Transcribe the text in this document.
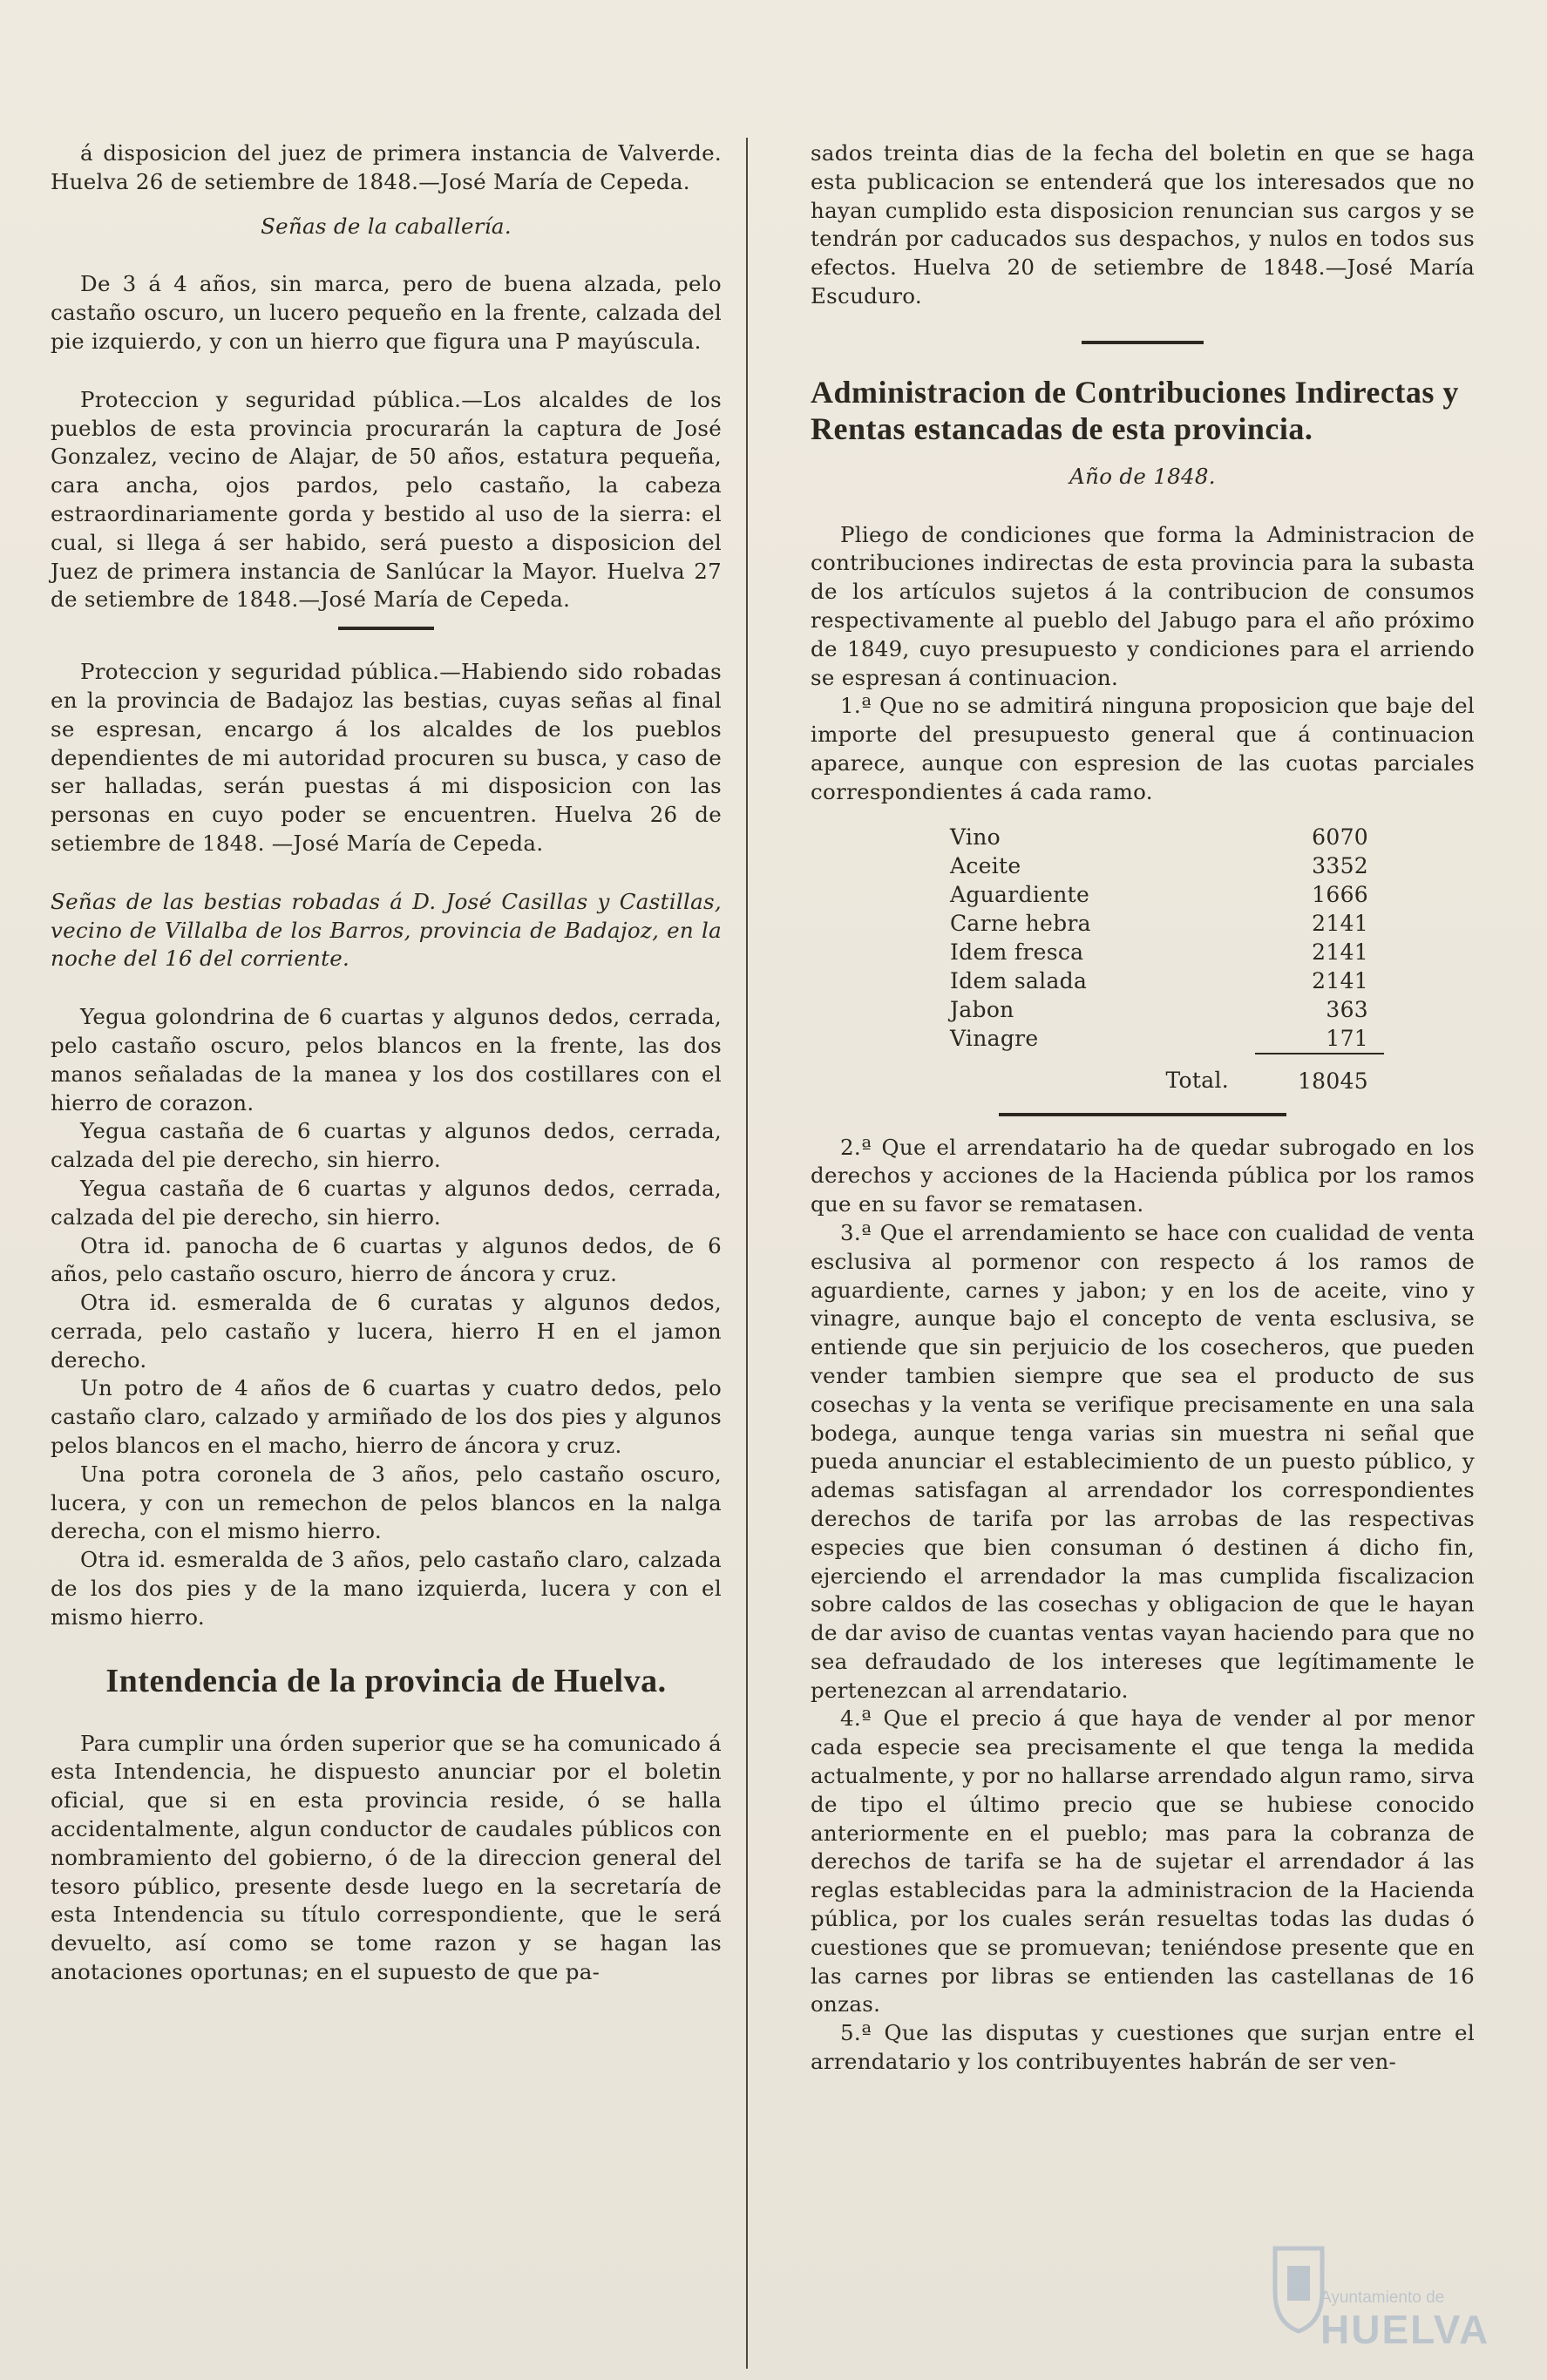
á disposicion del juez de primera instancia de Valverde. Huelva 26 de setiembre de 1848.—José María de Cepeda.

Señas de la caballería.

De 3 á 4 años, sin marca, pero de buena alzada, pelo castaño oscuro, un lucero pequeño en la frente, calzada del pie izquierdo, y con un hierro que figura una P mayúscula.

Proteccion y seguridad pública.—Los alcaldes de los pueblos de esta provincia procurarán la captura de José Gonzalez, vecino de Alajar, de 50 años, estatura pequeña, cara ancha, ojos pardos, pelo castaño, la cabeza estraordinariamente gorda y bestido al uso de la sierra: el cual, si llega á ser habido, será puesto a disposicion del Juez de primera instancia de Sanlúcar la Mayor. Huelva 27 de setiembre de 1848.—José María de Cepeda.

Proteccion y seguridad pública.—Habiendo sido robadas en la provincia de Badajoz las bestias, cuyas señas al final se espresan, encargo á los alcaldes de los pueblos dependientes de mi autoridad procuren su busca, y caso de ser halladas, serán puestas á mi disposicion con las personas en cuyo poder se encuentren. Huelva 26 de setiembre de 1848. —José María de Cepeda.

Señas de las bestias robadas á D. José Casillas y Castillas, vecino de Villalba de los Barros, provincia de Badajoz, en la noche del 16 del corriente.

Yegua golondrina de 6 cuartas y algunos dedos, cerrada, pelo castaño oscuro, pelos blancos en la frente, las dos manos señaladas de la manea y los dos costillares con el hierro de corazon.

Yegua castaña de 6 cuartas y algunos dedos, cerrada, calzada del pie derecho, sin hierro.

Yegua castaña de 6 cuartas y algunos dedos, cerrada, calzada del pie derecho, sin hierro.

Otra id. panocha de 6 cuartas y algunos dedos, de 6 años, pelo castaño oscuro, hierro de áncora y cruz.

Otra id. esmeralda de 6 curatas y algunos dedos, cerrada, pelo castaño y lucera, hierro H en el jamon derecho.

Un potro de 4 años de 6 cuartas y cuatro dedos, pelo castaño claro, calzado y armiñado de los dos pies y algunos pelos blancos en el macho, hierro de áncora y cruz.

Una potra coronela de 3 años, pelo castaño oscuro, lucera, y con un remechon de pelos blancos en la nalga derecha, con el mismo hierro.

Otra id. esmeralda de 3 años, pelo castaño claro, calzada de los dos pies y de la mano izquierda, lucera y con el mismo hierro.

Intendencia de la provincia de Huelva.

Para cumplir una órden superior que se ha comunicado á esta Intendencia, he dispuesto anunciar por el boletin oficial, que si en esta provincia reside, ó se halla accidentalmente, algun conductor de caudales públicos con nombramiento del gobierno, ó de la direccion general del tesoro público, presente desde luego en la secretaría de esta Intendencia su título correspondiente, que le será devuelto, así como se tome razon y se hagan las anotaciones oportunas; en el supuesto de que pa-

sados treinta dias de la fecha del boletin en que se haga esta publicacion se entenderá que los interesados que no hayan cumplido esta disposicion renuncian sus cargos y se tendrán por caducados sus despachos, y nulos en todos sus efectos. Huelva 20 de setiembre de 1848.—José María Escuduro.

Administracion de Contribuciones Indirectas y Rentas estancadas de esta provincia.

Año de 1848.

Pliego de condiciones que forma la Administracion de contribuciones indirectas de esta provincia para la subasta de los artículos sujetos á la contribucion de consumos respectivamente al pueblo del Jabugo para el año próximo de 1849, cuyo presupuesto y condiciones para el arriendo se espresan á continuacion.

1.ª Que no se admitirá ninguna proposicion que baje del importe del presupuesto general que á continuacion aparece, aunque con espresion de las cuotas parciales correspondientes á cada ramo.

Vino	6070
Aceite	3352
Aguardiente	1666
Carne hebra	2141
Idem fresca	2141
Idem salada	2141
Jabon	363
Vinagre	171
Total.	18045

2.ª Que el arrendatario ha de quedar subrogado en los derechos y acciones de la Hacienda pública por los ramos que en su favor se rematasen.

3.ª Que el arrendamiento se hace con cualidad de venta esclusiva al pormenor con respecto á los ramos de aguardiente, carnes y jabon; y en los de aceite, vino y vinagre, aunque bajo el concepto de venta esclusiva, se entiende que sin perjuicio de los cosecheros, que pueden vender tambien siempre que sea el producto de sus cosechas y la venta se verifique precisamente en una sala bodega, aunque tenga varias sin muestra ni señal que pueda anunciar el establecimiento de un puesto público, y ademas satisfagan al arrendador los correspondientes derechos de tarifa por las arrobas de las respectivas especies que bien consuman ó destinen á dicho fin, ejerciendo el arrendador la mas cumplida fiscalizacion sobre caldos de las cosechas y obligacion de que le hayan de dar aviso de cuantas ventas vayan haciendo para que no sea defraudado de los intereses que legítimamente le pertenezcan al arrendatario.

4.ª Que el precio á que haya de vender al por menor cada especie sea precisamente el que tenga la medida actualmente, y por no hallarse arrendado algun ramo, sirva de tipo el último precio que se hubiese conocido anteriormente en el pueblo; mas para la cobranza de derechos de tarifa se ha de sujetar el arrendador á las reglas establecidas para la administracion de la Hacienda pública, por los cuales serán resueltas todas las dudas ó cuestiones que se promuevan; teniéndose presente que en las carnes por libras se entienden las castellanas de 16 onzas.

5.ª Que las disputas y cuestiones que surjan entre el arrendatario y los contribuyentes habrán de ser ven-

Ayuntamiento de
HUELVA
